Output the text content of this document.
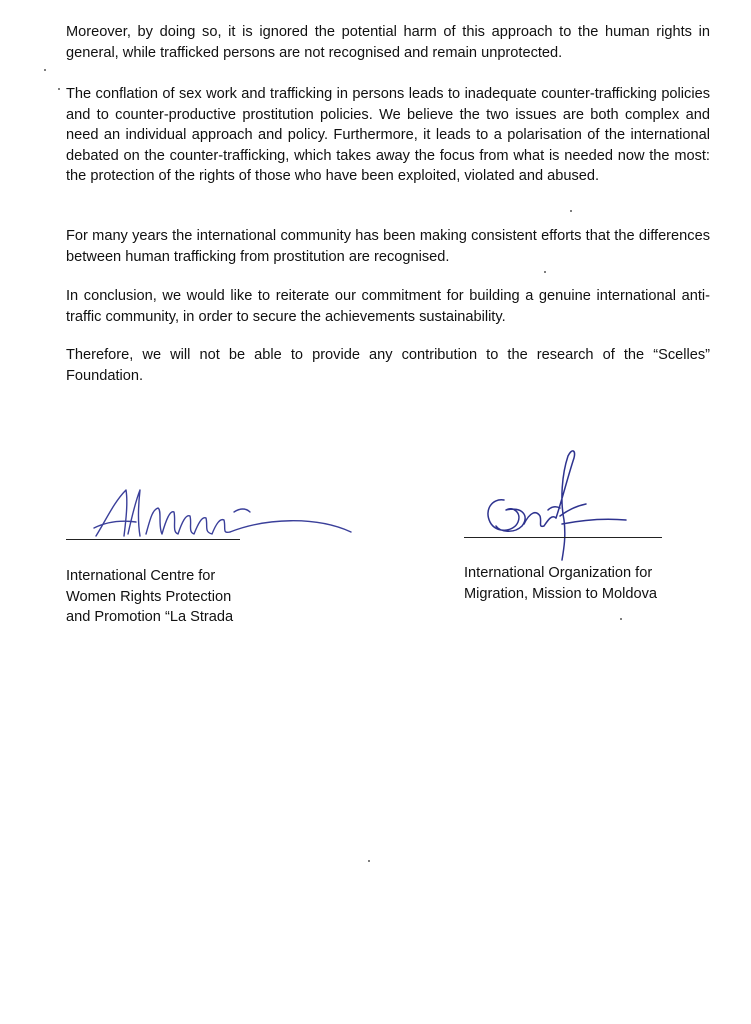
Moreover, by doing so, it is ignored the potential harm of this approach to the human rights in general, while trafficked persons are not recognised and remain unprotected.

The conflation of sex work and trafficking in persons leads to inadequate counter-trafficking policies and to counter-productive prostitution policies. We believe the two issues are both complex and need an individual approach and policy. Furthermore, it leads to a polarisation of the international debated on the counter-trafficking, which takes away the focus from what is needed now the most: the protection of the rights of those who have been exploited, violated and abused.

For many years the international community has been making consistent efforts that the differences between human trafficking from prostitution are recognised.

In conclusion, we would like to reiterate our commitment for building a genuine international anti-traffic community, in order to secure the achievements sustainability.

Therefore, we will not be able to provide any contribution to the research of the “Scelles” Foundation.

International Centre for
Women Rights Protection
and Promotion “La Strada
International Organization for
Migration, Mission to Moldova
